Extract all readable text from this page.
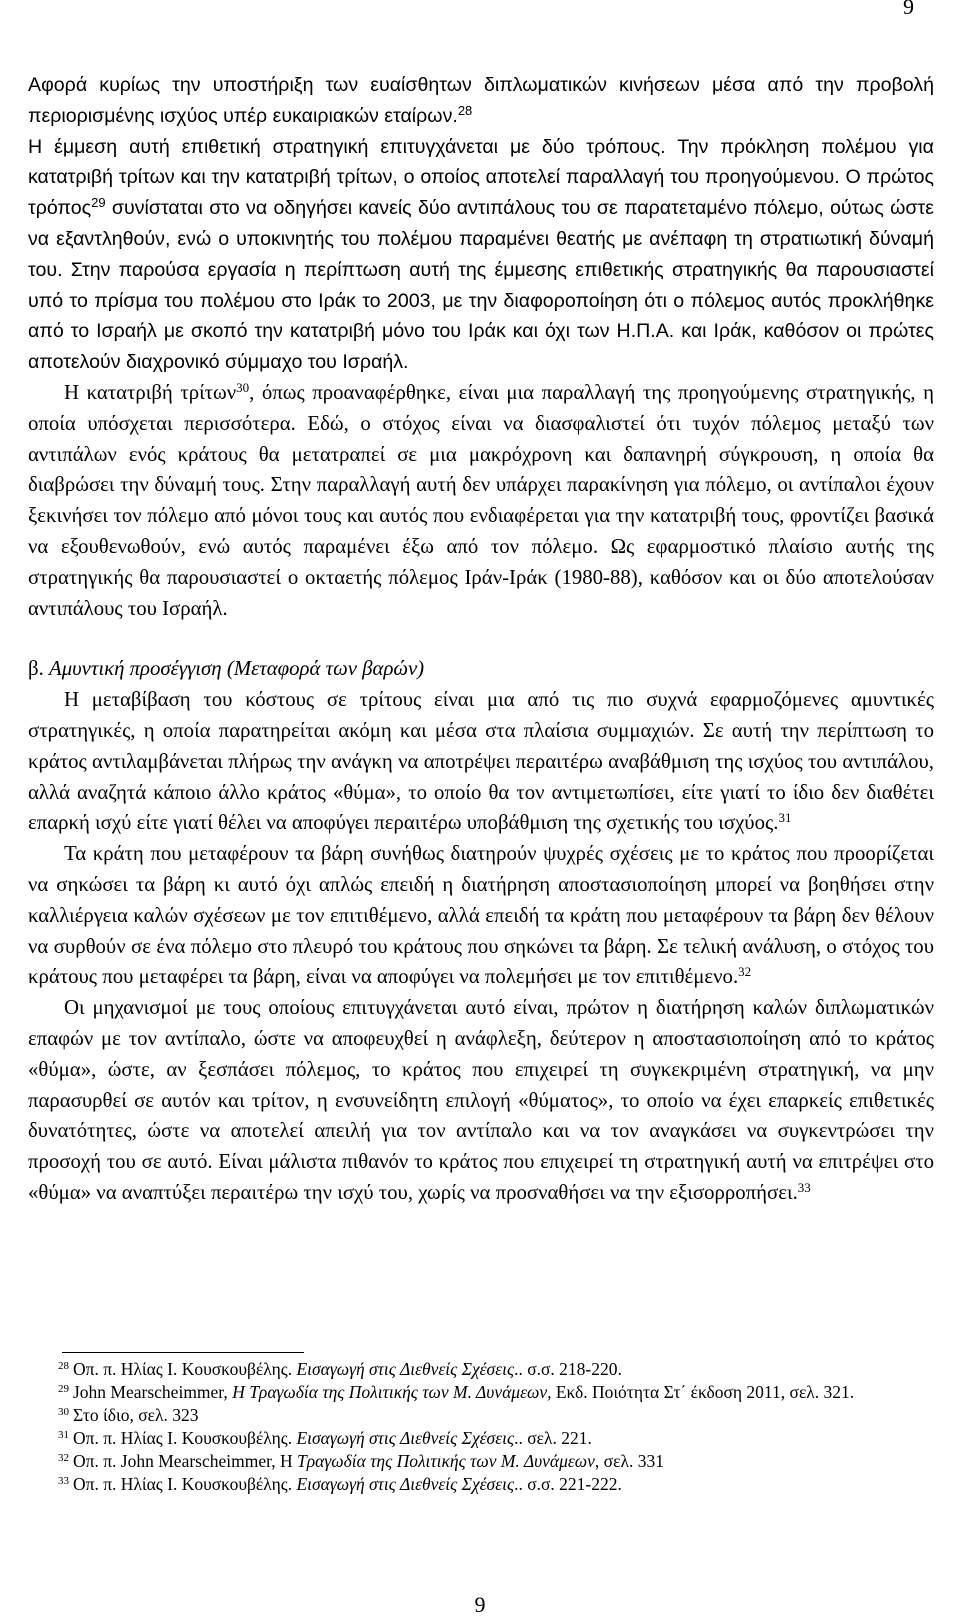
9

Αφορά κυρίως την υποστήριξη των ευαίσθητων διπλωματικών κινήσεων μέσα από την προβολή περιορισμένης ισχύος υπέρ ευκαιριακών εταίρων.$^{28}$

Η έμμεση αυτή επιθετική στρατηγική επιτυγχάνεται με δύο τρόπους. Την πρόκληση πολέμου για κατατριβή τρίτων και την κατατριβή τρίτων, ο οποίος αποτελεί παραλλαγή του προηγούμενου. Ο πρώτος τρόπος$^{29}$ συνίσταται στο να οδηγήσει κανείς δύο αντιπάλους του σε παρατεταμένο πόλεμο, ούτως ώστε να εξαντληθούν, ενώ ο υποκινητής του πολέμου παραμένει θεατής με ανέπαφη τη στρατιωτική δύναμή του. Στην παρούσα εργασία η περίπτωση αυτή της έμμεσης επιθετικής στρατηγικής θα παρουσιαστεί υπό το πρίσμα του πολέμου στο Ιράκ το 2003, με την διαφοροποίηση ότι ο πόλεμος αυτός προκλήθηκε από το Ισραήλ με σκοπό την κατατριβή μόνο του Ιράκ και όχι των Η.Π.Α. και Ιράκ, καθόσον οι πρώτες αποτελούν διαχρονικό σύμμαχο του Ισραήλ.

Η κατατριβή τρίτων$^{30}$, όπως προαναφέρθηκε, είναι μια παραλλαγή της προηγούμενης στρατηγικής, η οποία υπόσχεται περισσότερα. Εδώ, ο στόχος είναι να διασφαλιστεί ότι τυχόν πόλεμος μεταξύ των αντιπάλων ενός κράτους θα μετατραπεί σε μια μακρόχρονη και δαπανηρή σύγκρουση, η οποία θα διαβρώσει την δύναμή τους. Στην παραλλαγή αυτή δεν υπάρχει παρακίνηση για πόλεμο, οι αντίπαλοι έχουν ξεκινήσει τον πόλεμο από μόνοι τους και αυτός που ενδιαφέρεται για την κατατριβή τους, φροντίζει βασικά να εξουθενωθούν, ενώ αυτός παραμένει έξω από τον πόλεμο. Ως εφαρμοστικό πλαίσιο αυτής της στρατηγικής θα παρουσιαστεί ο οκταετής πόλεμος Ιράν-Ιράκ (1980-88), καθόσον και οι δύο αποτελούσαν αντιπάλους του Ισραήλ.

β. Αμυντική προσέγγιση (Μεταφορά των βαρών)

Η μεταβίβαση του κόστους σε τρίτους είναι μια από τις πιο συχνά εφαρμοζόμενες αμυντικές στρατηγικές, η οποία παρατηρείται ακόμη και μέσα στα πλαίσια συμμαχιών. Σε αυτή την περίπτωση το κράτος αντιλαμβάνεται πλήρως την ανάγκη να αποτρέψει περαιτέρω αναβάθμιση της ισχύος του αντιπάλου, αλλά αναζητά κάποιο άλλο κράτος «θύμα», το οποίο θα τον αντιμετωπίσει, είτε γιατί το ίδιο δεν διαθέτει επαρκή ισχύ είτε γιατί θέλει να αποφύγει περαιτέρω υποβάθμιση της σχετικής του ισχύος.$^{31}$

Τα κράτη που μεταφέρουν τα βάρη συνήθως διατηρούν ψυχρές σχέσεις με το κράτος που προορίζεται να σηκώσει τα βάρη κι αυτό όχι απλώς επειδή η διατήρηση αποστασιοποίηση μπορεί να βοηθήσει στην καλλιέργεια καλών σχέσεων με τον επιτιθέμενο, αλλά επειδή τα κράτη που μεταφέρουν τα βάρη δεν θέλουν να συρθούν σε ένα πόλεμο στο πλευρό του κράτους που σηκώνει τα βάρη. Σε τελική ανάλυση, ο στόχος του κράτους που μεταφέρει τα βάρη, είναι να αποφύγει να πολεμήσει με τον επιτιθέμενο.$^{32}$

Οι μηχανισμοί με τους οποίους επιτυγχάνεται αυτό είναι, πρώτον η διατήρηση καλών διπλωματικών επαφών με τον αντίπαλο, ώστε να αποφευχθεί η ανάφλεξη, δεύτερον η αποστασιοποίηση από το κράτος «θύμα», ώστε, αν ξεσπάσει πόλεμος, το κράτος που επιχειρεί τη συγκεκριμένη στρατηγική, να μην παρασυρθεί σε αυτόν και τρίτον, η ενσυνείδητη επιλογή «θύματος», το οποίο να έχει επαρκείς επιθετικές δυνατότητες, ώστε να αποτελεί απειλή για τον αντίπαλο και να τον αναγκάσει να συγκεντρώσει την προσοχή του σε αυτό. Είναι μάλιστα πιθανόν το κράτος που επιχειρεί τη στρατηγική αυτή να επιτρέψει στο «θύμα» να αναπτύξει περαιτέρω την ισχύ του, χωρίς να προσναθήσει να την εξισορροπήσει.$^{33}$

$^{28}$ Οπ. π. Ηλίας Ι. Κουσκουβέλης. Εισαγωγή στις Διεθνείς Σχέσεις.. σ.σ. 218-220.
$^{29}$ John Mearscheimmer, Η Τραγωδία της Πολιτικής των Μ. Δυνάμεων, Εκδ. Ποιότητα Στ΄ έκδοση 2011, σελ. 321.
$^{30}$ Στο ίδιο, σελ. 323
$^{31}$ Οπ. π. Ηλίας Ι. Κουσκουβέλης. Εισαγωγή στις Διεθνείς Σχέσεις.. σελ. 221.
$^{32}$ Οπ. π. John Mearscheimmer, Η Τραγωδία της Πολιτικής των Μ. Δυνάμεων, σελ. 331
$^{33}$ Οπ. π. Ηλίας Ι. Κουσκουβέλης. Εισαγωγή στις Διεθνείς Σχέσεις.. σ.σ. 221-222.
9
